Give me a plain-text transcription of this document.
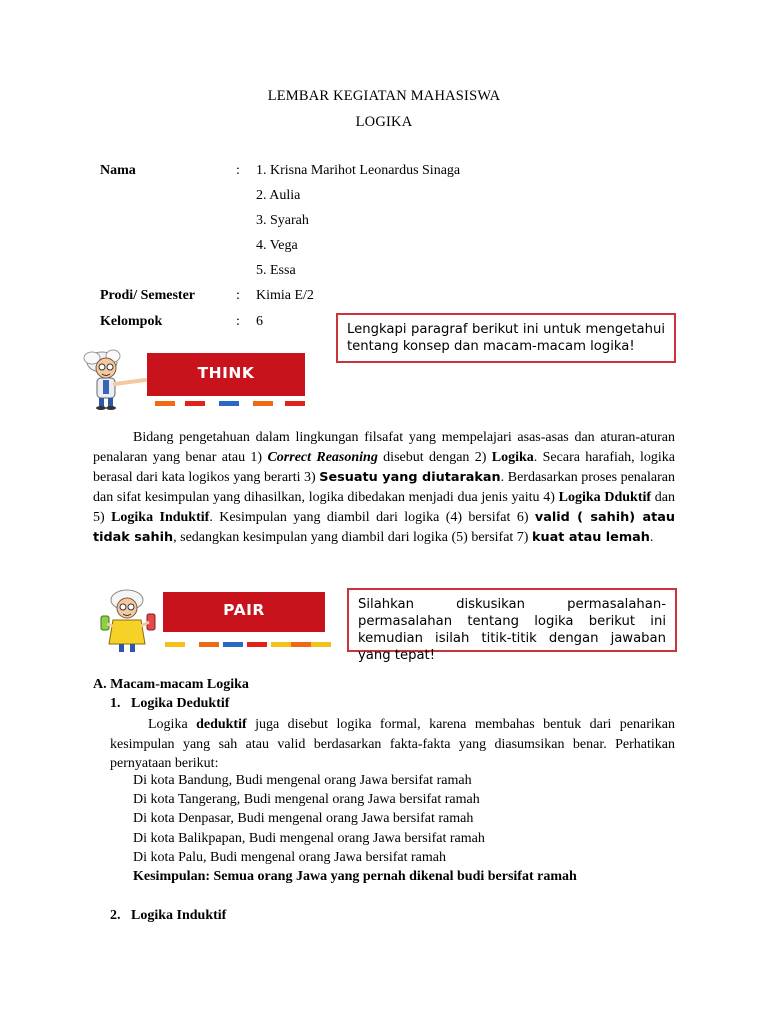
LEMBAR KEGIATAN MAHASISWA
LOGIKA
Nama	: 1. Krisna Marihot Leonardus Sinaga
2. Aulia
3. Syarah
4. Vega
5. Essa
Prodi/ Semester	: Kimia E/2
Kelompok	: 6
Lengkapi paragraf berikut ini untuk mengetahui tentang konsep dan macam-macam logika!
THINK

Bidang pengetahuan dalam lingkungan filsafat yang mempelajari asas-asas dan aturan-aturan penalaran yang benar atau 1) Correct Reasoning disebut dengan 2) Logika. Secara harafiah, logika berasal dari kata logikos yang berarti 3) Sesuatu yang diutarakan. Berdasarkan proses penalaran dan sifat kesimpulan yang dihasilkan, logika dibedakan menjadi dua jenis yaitu 4) Logika Dduktif dan 5) Logika Induktif. Kesimpulan yang diambil dari logika (4) bersifat 6) valid ( sahih) atau tidak sahih, sedangkan kesimpulan yang diambil dari logika (5) bersifat 7) kuat atau lemah.

PAIR	Silahkan diskusikan permasalahan-permasalahan tentang logika berikut ini kemudian isilah titik-titik dengan jawaban yang tepat!
A. Macam-macam Logika
1.   Logika Deduktif

Logika deduktif juga disebut logika formal, karena membahas bentuk dari penarikan kesimpulan yang sah atau valid berdasarkan fakta-fakta yang diasumsikan benar. Perhatikan pernyataan berikut:

Di kota Bandung, Budi mengenal orang Jawa bersifat ramah
Di kota Tangerang, Budi mengenal orang Jawa bersifat ramah
Di kota Denpasar, Budi mengenal orang Jawa bersifat ramah
Di kota Balikpapan, Budi mengenal orang Jawa bersifat ramah
Di kota Palu, Budi mengenal orang Jawa bersifat ramah
Kesimpulan: Semua orang Jawa yang pernah dikenal budi bersifat ramah
2.   Logika Induktif
